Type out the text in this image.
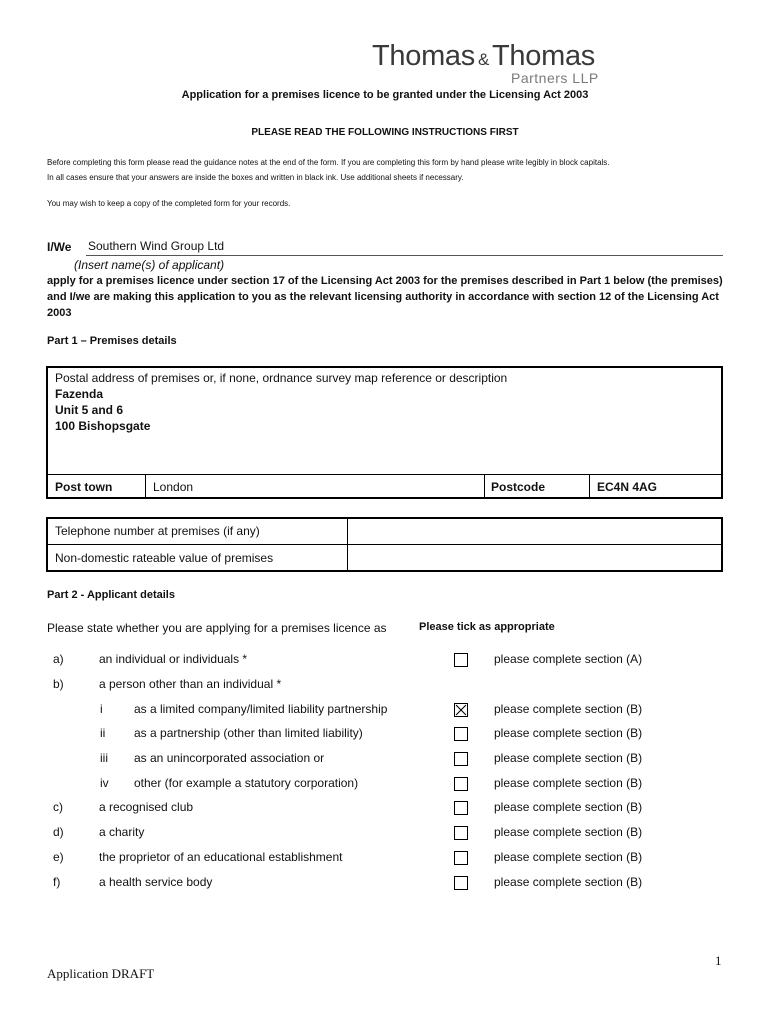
Thomas & Thomas
Partners LLP
Application for a premises licence to be granted under the Licensing Act 2003
PLEASE READ THE FOLLOWING INSTRUCTIONS FIRST
Before completing this form please read the guidance notes at the end of the form. If you are completing this form by hand please write legibly in block capitals.
In all cases ensure that your answers are inside the boxes and written in black ink. Use additional sheets if necessary.
You may wish to keep a copy of the completed form for your records.
I/We Southern Wind Group Ltd
(Insert name(s) of applicant)
apply for a premises licence under section 17 of the Licensing Act 2003 for the premises described in Part 1 below (the premises) and I/we are making this application to you as the relevant licensing authority in accordance with section 12 of the Licensing Act 2003
Part 1 – Premises details
Postal address of premises or, if none, ordnance survey map reference or description
Fazenda
Unit 5 and 6
100 Bishopsgate
Post town	London	Postcode	EC4N 4AG
Telephone number at premises (if any)
Non-domestic rateable value of premises
Part 2 - Applicant details
Please state whether you are applying for a premises licence as	Please tick as appropriate
a)	an individual or individuals *	please complete section (A)
b)	a person other than an individual *
i	as a limited company/limited liability partnership	please complete section (B)
ii as a partnership (other than limited liability)	please complete section (B)
iii as an unincorporated association or	please complete section (B)
iv other (for example a statutory corporation)	please complete section (B)
c)	a recognised club	please complete section (B)
d)	a charity	please complete section (B)
e)	the proprietor of an educational establishment	please complete section (B)
f)	a health service body	please complete section (B)
1
Application DRAFT
